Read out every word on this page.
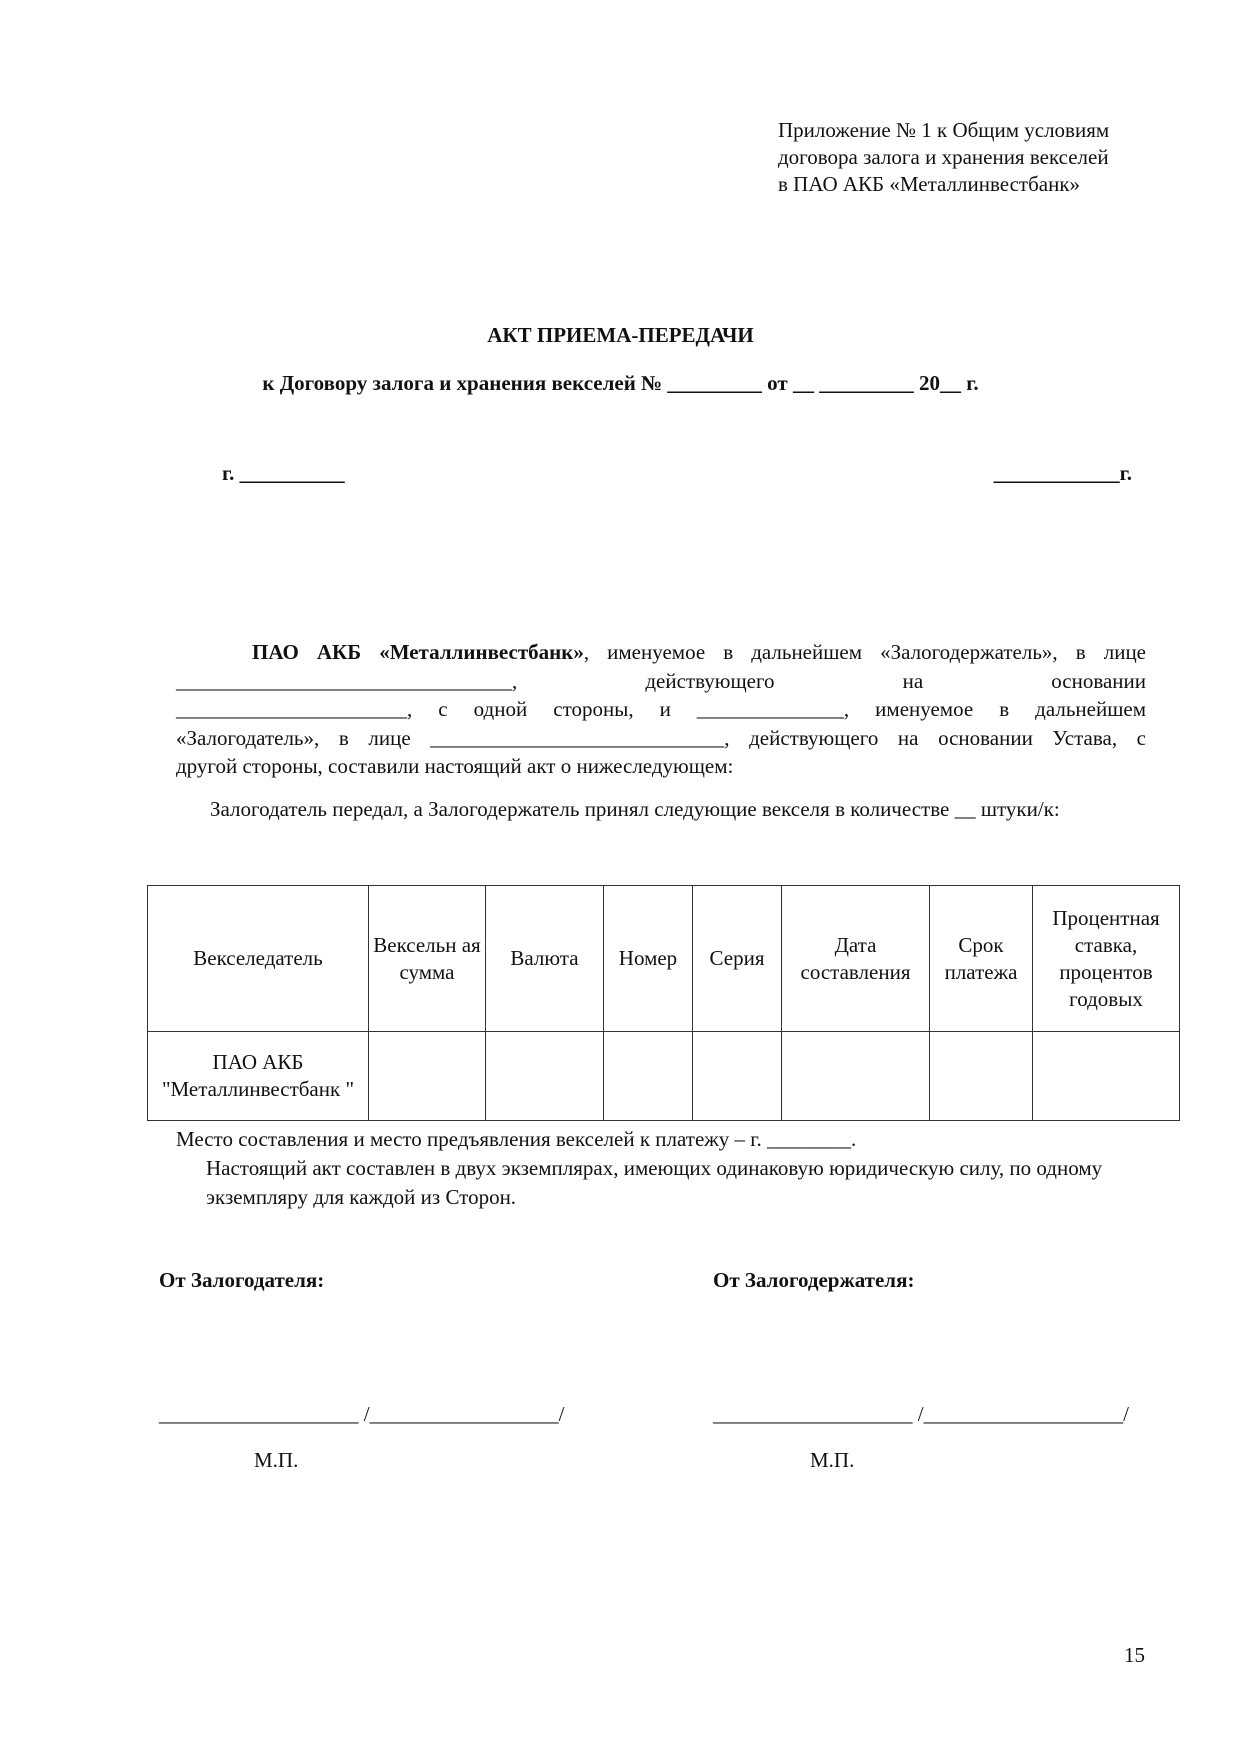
Приложение № 1 к Общим условиям
договора залога и хранения векселей
в ПАО АКБ «Металлинвестбанк»
АКТ ПРИЕМА-ПЕРЕДАЧИ
к Договору залога и хранения векселей № _________ от __ _________ 20__ г.
г. __________	____________г.
ПАО АКБ «Металлинвестбанк», именуемое в дальнейшем «Залогодержатель», в лице
________________________________, действующего на основании
______________________, с одной стороны, и ______________, именуемое в дальнейшем
«Залогодатель», в лице ____________________________, действующего на основании Устава, с
другой стороны, составили настоящий акт о нижеследующем:
Залогодатель передал, а Залогодержатель принял следующие векселя в количестве __ штуки/к:
Векселедатель	Вексельн ая сумма	Валюта	Номер	Серия	Дата составления	Срок платежа	Процентная ставка, процентов годовых
ПАО АКБ "Металлинвестбанк "							
Место составления и место предъявления векселей к платежу – г. ________.
Настоящий акт составлен в двух экземплярах, имеющих одинаковую юридическую силу, по одному экземпляру для каждой из Сторон.
От Залогодателя:	От Залогодержателя:
___________________ /__________________/	___________________ /___________________/
М.П.	М.П.
15
